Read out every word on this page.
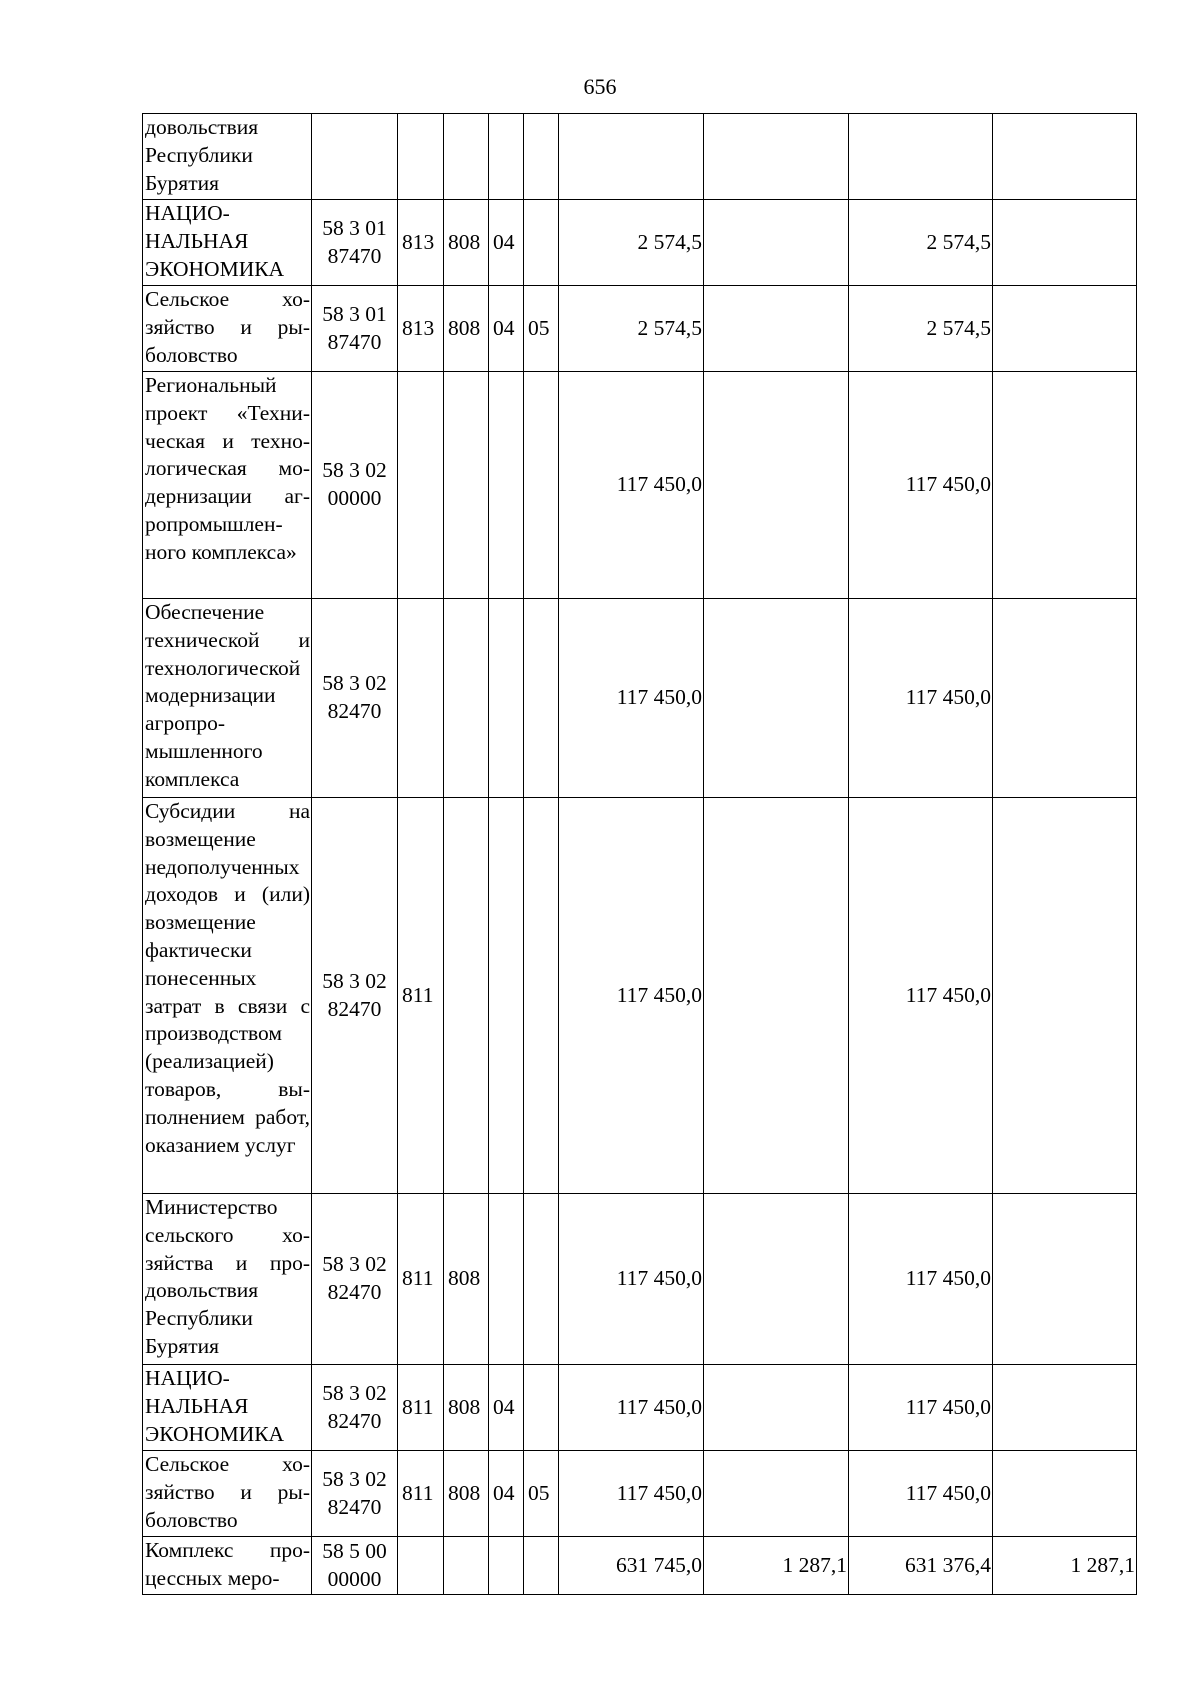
656
довольствия Республики Бурятия									
НАЦИО-НАЛЬНАЯ ЭКОНОМИКА	58 3 01 87470	813	808	04		2 574,5		2 574,5	
Сельское хозяйство и рыболовство	58 3 01 87470	813	808	04	05	2 574,5		2 574,5	
Региональный проект «Техническая и технологическая модернизации агропромышленного комплекса»	58 3 02 00000					117 450,0		117 450,0	
Обеспечение технической и технологической модернизации агропромышленного комплекса	58 3 02 82470					117 450,0		117 450,0	
Субсидии на возмещение недополученных доходов и (или) возмещение фактически понесенных затрат в связи с производством (реализацией) товаров, выполнением работ, оказанием услуг	58 3 02 82470	811				117 450,0		117 450,0	
Министерство сельского хозяйства и продовольствия Республики Бурятия	58 3 02 82470	811	808			117 450,0		117 450,0	
НАЦИО-НАЛЬНАЯ ЭКОНОМИКА	58 3 02 82470	811	808	04		117 450,0		117 450,0	
Сельское хозяйство и рыболовство	58 3 02 82470	811	808	04	05	117 450,0		117 450,0	
Комплекс процессных меро-	58 5 00 00000					631 745,0	1 287,1	631 376,4	1 287,1
